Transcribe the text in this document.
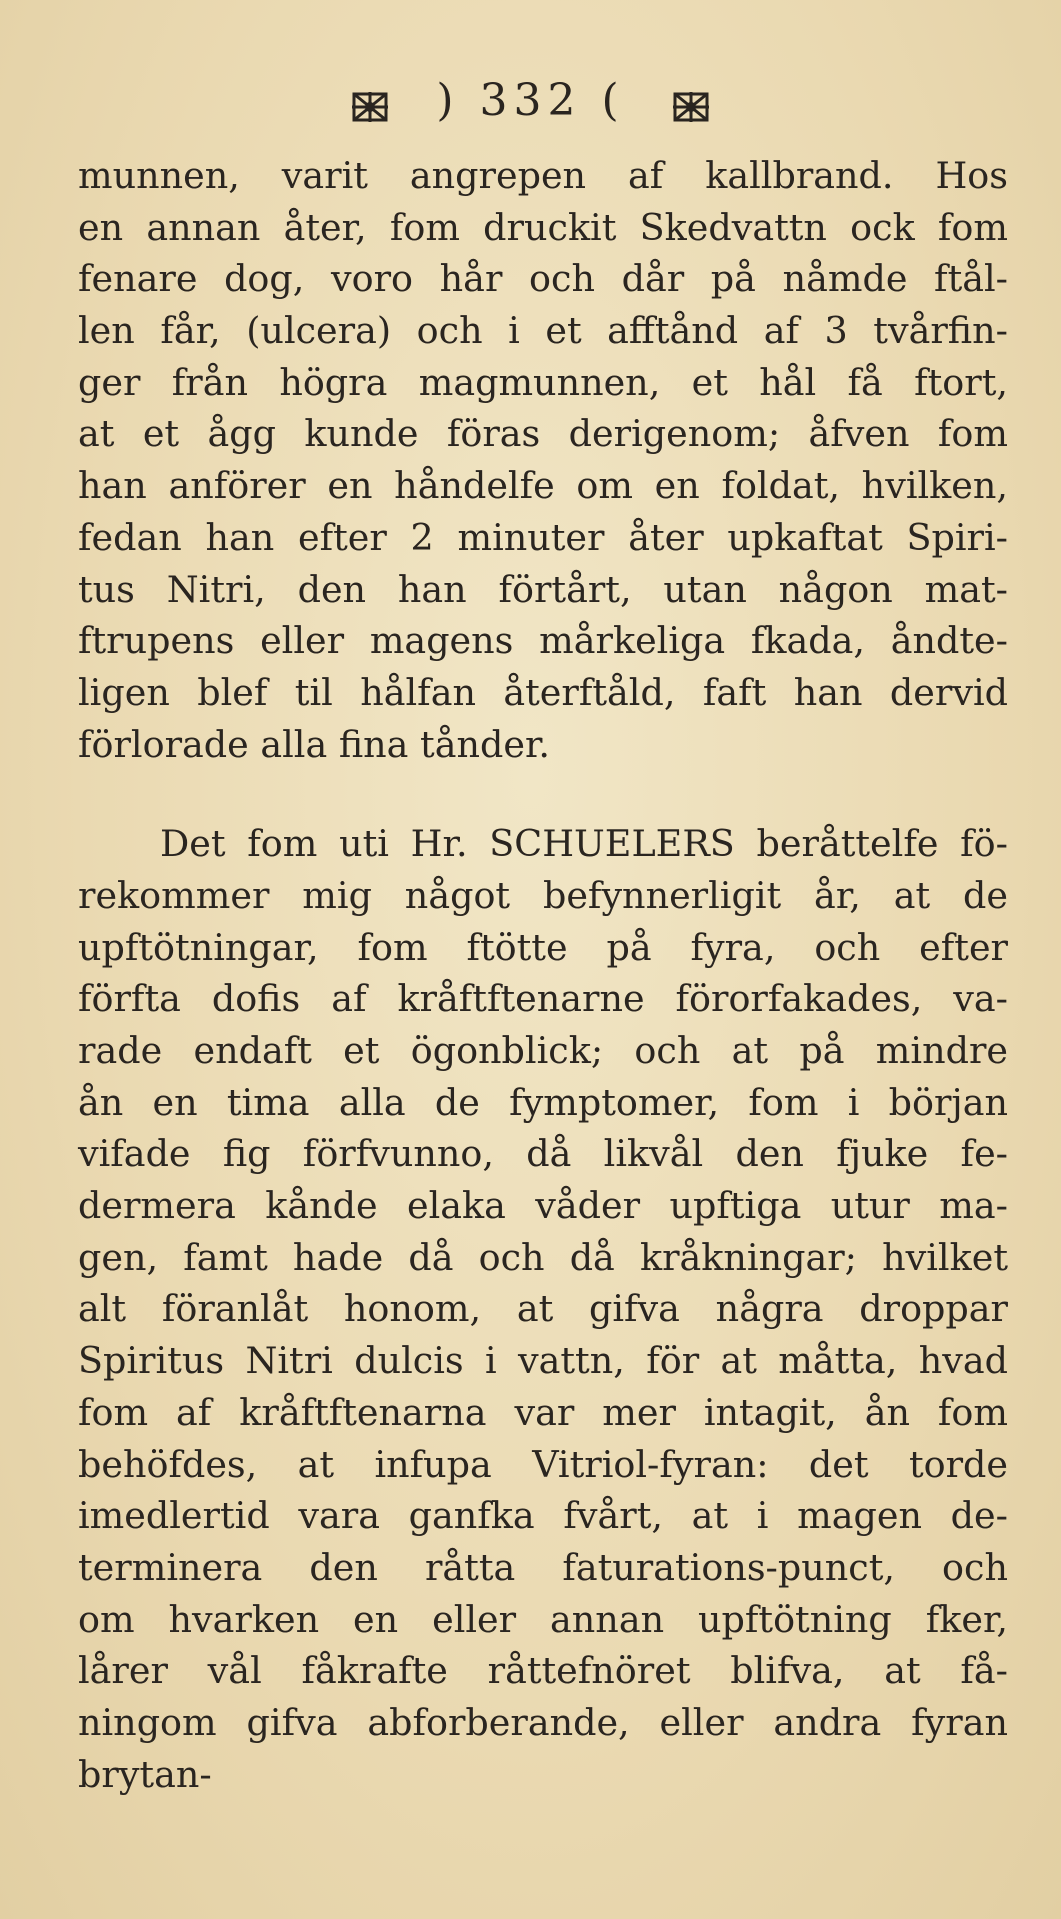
) 332 (
munnen, varit angrepen af kallbrand. Hos
en annan åter, fom druckit Skedvattn ock fom
fenare dog, voro hår och dår på nåmde ftål-
len får, (ulcera) och i et afftånd af 3 tvårfin-
ger från högra magmunnen, et hål få ftort,
at et ågg kunde föras derigenom; åfven fom
han anförer en håndelfe om en foldat, hvilken,
fedan han efter 2 minuter åter upkaftat Spiri-
tus Nitri, den han förtårt, utan någon mat-
ftrupens eller magens mårkeliga fkada, åndte-
ligen blef til hålfan återftåld, faft han dervid
förlorade alla fina tånder.
Det fom uti Hr. SCHUELERS beråttelfe fö-
rekommer mig något befynnerligit år, at de
upftötningar, fom ftötte på fyra, och efter
förfta dofis af kråftftenarne förorfakades, va-
rade endaft et ögonblick; och at på mindre
ån en tima alla de fymptomer, fom i början
vifade fig förfvunno, då likvål den fjuke fe-
dermera kånde elaka våder upftiga utur ma-
gen, famt hade då och då kråkningar; hvilket
alt föranlåt honom, at gifva några droppar
Spiritus Nitri dulcis i vattn, för at måtta, hvad
fom af kråftftenarna var mer intagit, ån fom
behöfdes, at infupa Vitriol-fyran: det torde
imedlertid vara ganfka fvårt, at i magen de-
terminera den råtta faturations-punct, och
om hvarken en eller annan upftötning fker,
lårer vål fåkrafte råttefnöret blifva, at få-
ningom gifva abforberande, eller andra fyran
brytan-
